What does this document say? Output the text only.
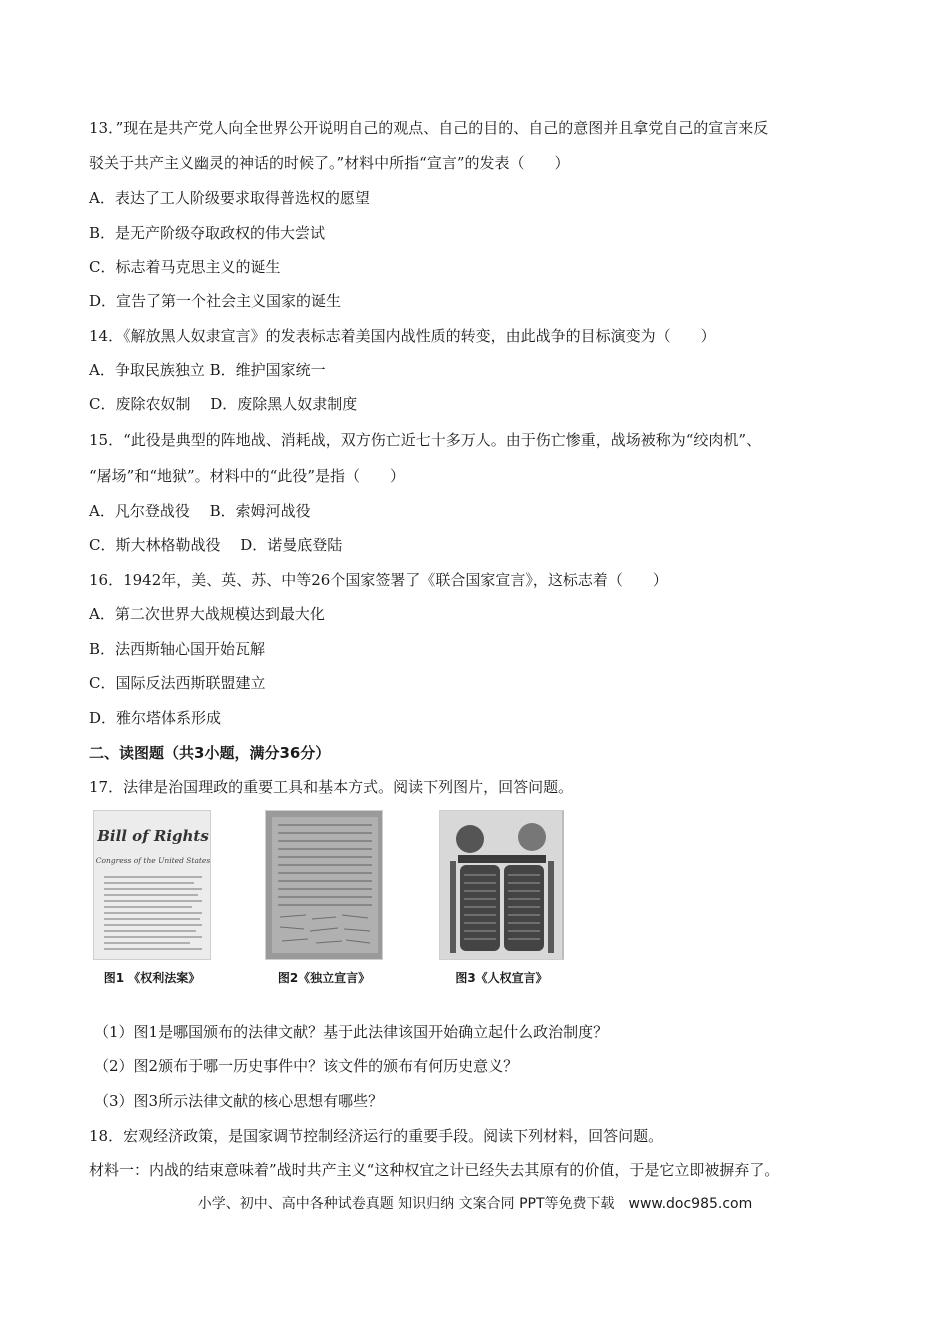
13．”现在是共产党人向全世界公开说明自己的观点、自己的目的、自己的意图并且拿党自己的宣言来反
驳关于共产主义幽灵的神话的时候了。”材料中所指“宣言”的发表（　　）
A．表达了工人阶级要求取得普选权的愿望
B．是无产阶级夺取政权的伟大尝试
C．标志着马克思主义的诞生
D．宣告了第一个社会主义国家的诞生
14．《解放黑人奴隶宣言》的发表标志着美国内战性质的转变，由此战争的目标演变为（　　）
A．争取民族独立 B．维护国家统一
C．废除农奴制　 D．废除黑人奴隶制度
15．“此役是典型的阵地战、消耗战，双方伤亡近七十多万人。由于伤亡惨重，战场被称为“绞肉机”、
“屠场”和“地狱”。材料中的“此役”是指（　　）
A．凡尔登战役　 B．索姆河战役
C．斯大林格勒战役　 D．诺曼底登陆
16．1942年，美、英、苏、中等26个国家签署了《联合国家宣言》，这标志着（　　）
A．第二次世界大战规模达到最大化
B．法西斯轴心国开始瓦解
C．国际反法西斯联盟建立
D．雅尔塔体系形成
二、读图题（共3小题，满分36分）
17．法律是治国理政的重要工具和基本方式。阅读下列图片，回答问题。
Bill of Rights
Congress of the United States
图1 《权利法案》	图2《独立宣言》	图3《人权宣言》
（1）图1是哪国颁布的法律文献？基于此法律该国开始确立起什么政治制度？
（2）图2颁布于哪一历史事件中？该文件的颁布有何历史意义？
（3）图3所示法律文献的核心思想有哪些？
18．宏观经济政策，是国家调节控制经济运行的重要手段。阅读下列材料，回答问题。
材料一：内战的结束意味着”战时共产主义“这种权宜之计已经失去其原有的价值，于是它立即被摒弃了。
小学、初中、高中各种试卷真题 知识归纳 文案合同 PPT等免费下载　www.doc985.com
